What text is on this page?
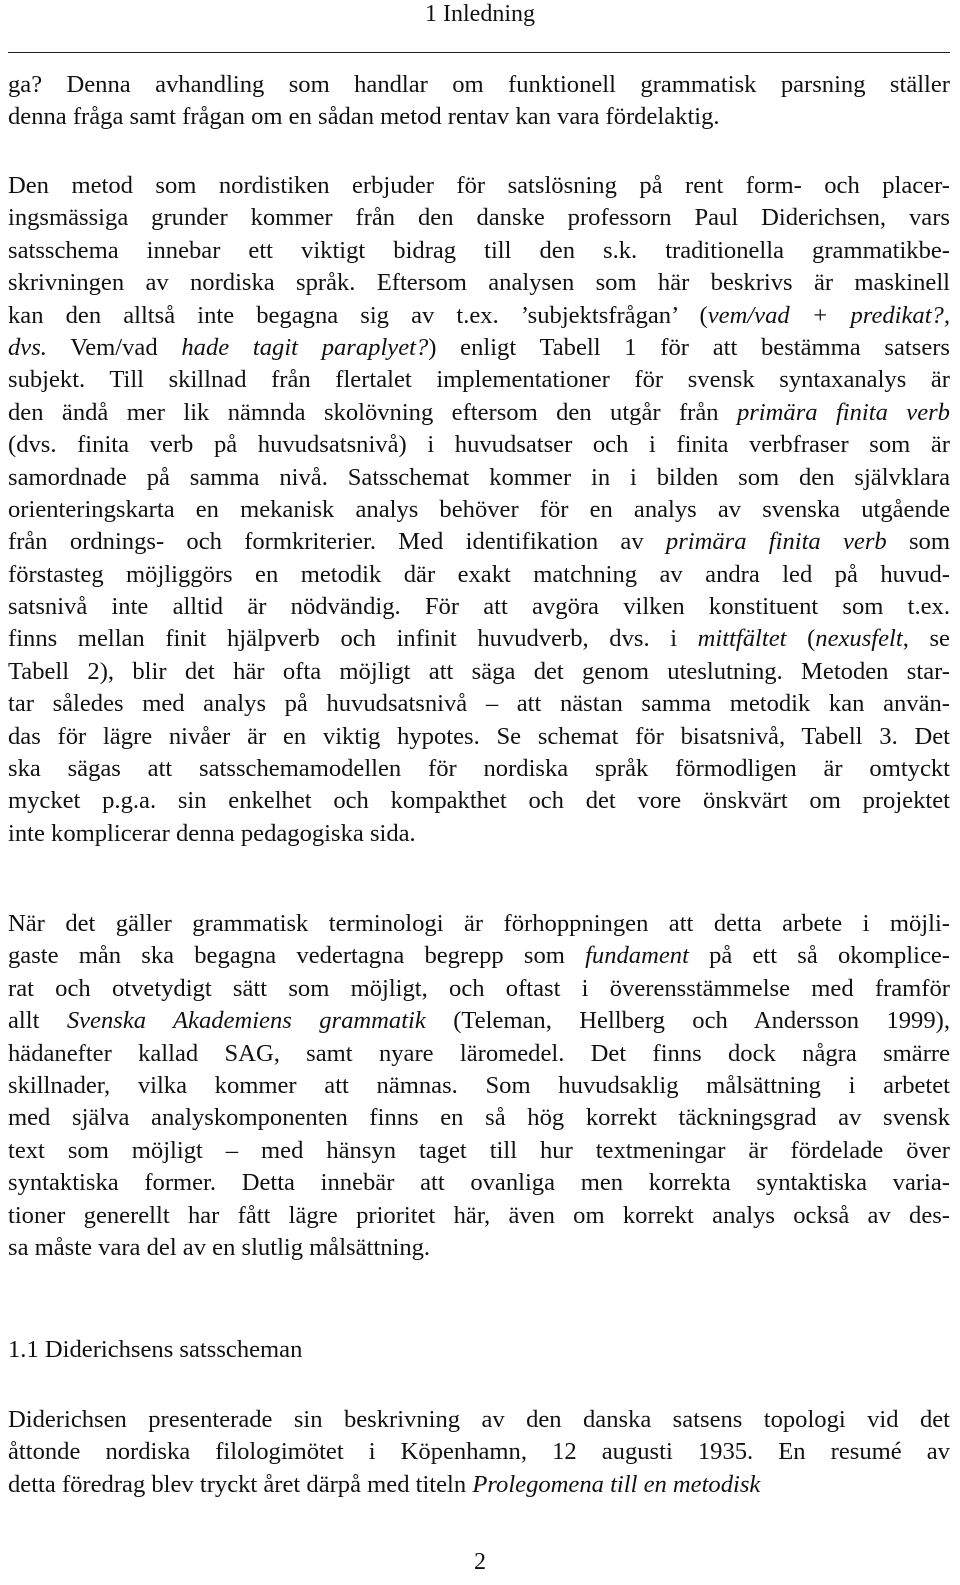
1 Inledning
ga? Denna avhandling som handlar om funktionell grammatisk parsning ställer
denna fråga samt frågan om en sådan metod rentav kan vara fördelaktig.
Den metod som nordistiken erbjuder för satslösning på rent form- och placer-
ingsmässiga grunder kommer från den danske professorn Paul Diderichsen, vars
satsschema innebar ett viktigt bidrag till den s.k. traditionella grammatikbe-
skrivningen av nordiska språk. Eftersom analysen som här beskrivs är maskinell
kan den alltså inte begagna sig av t.ex. ’subjektsfrågan’ (vem/vad + predikat?,
dvs. Vem/vad hade tagit paraplyet?) enligt Tabell 1 för att bestämma satsers
subjekt. Till skillnad från flertalet implementationer för svensk syntaxanalys är
den ändå mer lik nämnda skolövning eftersom den utgår från primära finita verb
(dvs. finita verb på huvudsatsnivå) i huvudsatser och i finita verbfraser som är
samordnade på samma nivå. Satsschemat kommer in i bilden som den självklara
orienteringskarta en mekanisk analys behöver för en analys av svenska utgående
från ordnings- och formkriterier. Med identifikation av primära finita verb som
förstasteg möjliggörs en metodik där exakt matchning av andra led på huvud-
satsnivå inte alltid är nödvändig. För att avgöra vilken konstituent som t.ex.
finns mellan finit hjälpverb och infinit huvudverb, dvs. i mittfältet (nexusfelt, se
Tabell 2), blir det här ofta möjligt att säga det genom uteslutning. Metoden star-
tar således med analys på huvudsatsnivå – att nästan samma metodik kan använ-
das för lägre nivåer är en viktig hypotes. Se schemat för bisatsnivå, Tabell 3. Det
ska sägas att satsschemamodellen för nordiska språk förmodligen är omtyckt
mycket p.g.a. sin enkelhet och kompakthet och det vore önskvärt om projektet
inte komplicerar denna pedagogiska sida.
När det gäller grammatisk terminologi är förhoppningen att detta arbete i möjli-
gaste mån ska begagna vedertagna begrepp som fundament på ett så okomplice-
rat och otvetydigt sätt som möjligt, och oftast i överensstämmelse med framför
allt Svenska Akademiens grammatik (Teleman, Hellberg och Andersson 1999),
hädanefter kallad SAG, samt nyare läromedel. Det finns dock några smärre
skillnader, vilka kommer att nämnas. Som huvudsaklig målsättning i arbetet
med själva analyskomponenten finns en så hög korrekt täckningsgrad av svensk
text som möjligt – med hänsyn taget till hur textmeningar är fördelade över
syntaktiska former. Detta innebär att ovanliga men korrekta syntaktiska varia-
tioner generellt har fått lägre prioritet här, även om korrekt analys också av des-
sa måste vara del av en slutlig målsättning.
1.1 Diderichsens satsscheman
Diderichsen presenterade sin beskrivning av den danska satsens topologi vid det
åttonde nordiska filologimötet i Köpenhamn, 12 augusti 1935. En resumé av
detta föredrag blev tryckt året därpå med titeln Prolegomena till en metodisk
2
